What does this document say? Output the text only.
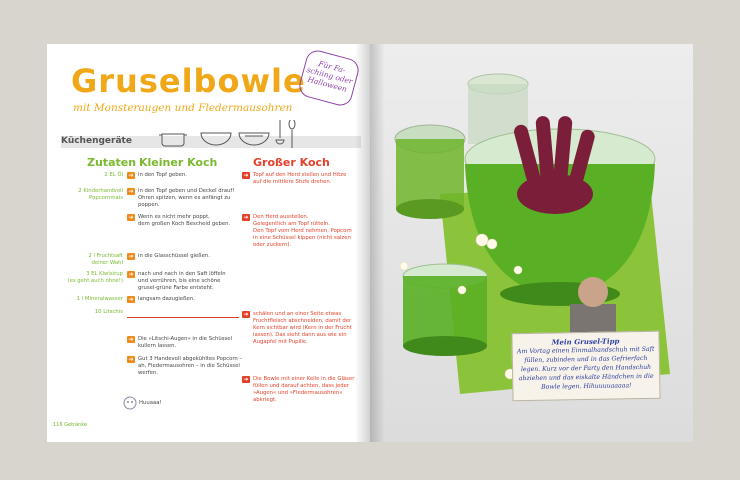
Gruselbowle
mit Monsteraugen und Fledermausohren
Für Fa-
schiing oder
Halloween
Küchengeräte
Zutaten Kleiner Koch	Großer Koch
2 EL Öl
2 Kinderhandvoll
Popcornmais
2 l Fruchtsaft
deiner Wahl
3 EL Kiwisirup
(es geht auch ohne!)
1 l Mineralwasser
10 Litschis
➜ in den Topf geben.
➜ in den Topf geben und Deckel drauf!
Ohren spitzen, wenn es anfängt zu
poppen.
➜ Wenn es nicht mehr poppt,
dem großen Koch Bescheid geben.
➜ in die Glasschüssel gießen.
➜ nach und nach in den Saft löffeln
und verrühren, bis eine schöne
grusel-grüne Farbe entsteht.
➜ langsam dazugießen.
➜ Die »Litschi-Augen« in die Schüssel
kullern lassen.
➜ Gut 3 Handevoll abgekühltes Popcorn –
ah, Fledermausohren – in die Schüssel
werfen.
Huuaaa!
➜ Topf auf den Herd stellen und Hitze
auf die mittlere Stufe drehen.
➜ Den Herd ausstellen.
Gelegentlich am Topf rütteln.
Den Topf vom Herd nehmen, Popcorn
in eine Schüssel kippen (nicht salzen
oder zuckern).
➜ schälen und an einer Seite etwas
Fruchtfleisch abschneiden, damit der
Kern sichtbar wird (Kern in der Frucht
lassen). Das sieht dann aus wie ein
Augapfel mit Pupille.
➜ Die Bowle mit einer Kelle in die Gläser
füllen und darauf achten, dass jeder
»Augen« und »Fledermausohren«
abkriegt.
116 Getränke
Mein Grusel-Tipp
Am Vortag einen Einmalhandschuh mit Saft füllen, zubinden und in das Gefrierfach legen. Kurz vor der Party den Handschuh abziehen und das eiskalte Händchen in die Bowle legen. Hihuuuuaaaaa!
